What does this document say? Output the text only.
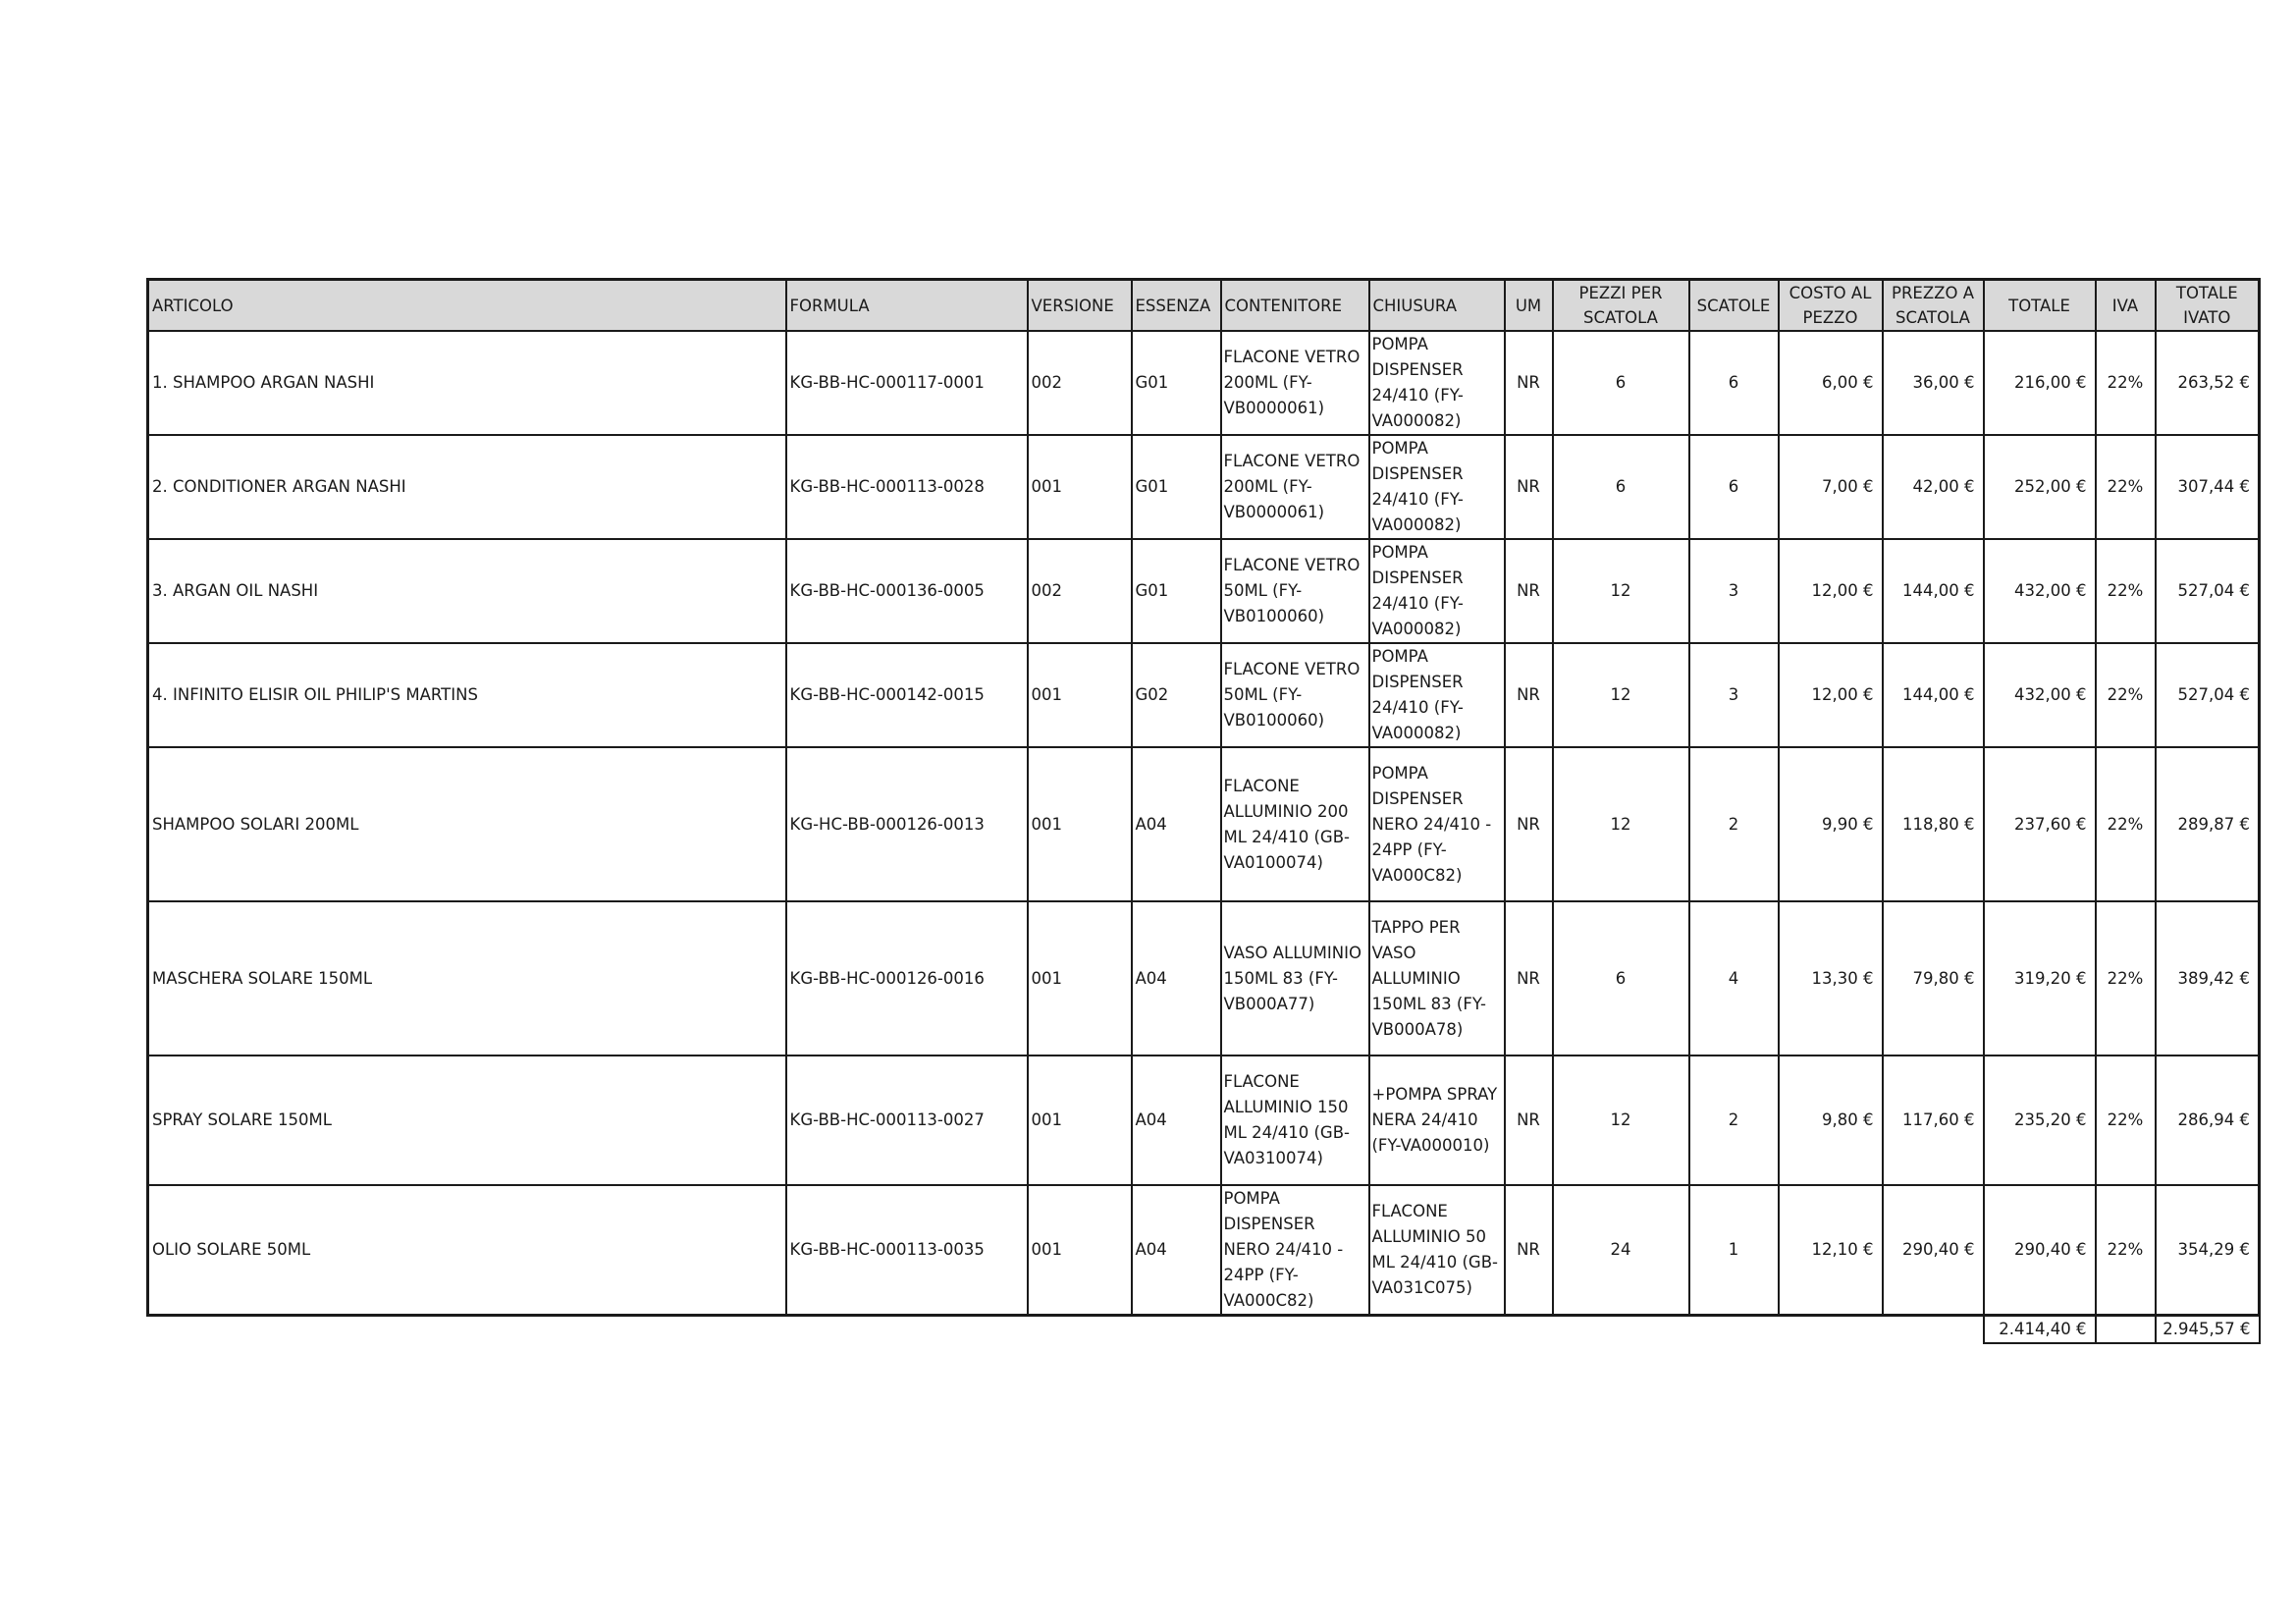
ARTICOLO	FORMULA	VERSIONE	ESSENZA	CONTENITORE	CHIUSURA	UM	PEZZI PER SCATOLA	SCATOLE	COSTO AL PEZZO	PREZZO A SCATOLA	TOTALE	IVA	TOTALE IVATO
1. SHAMPOO ARGAN NASHI	KG-BB-HC-000117-0001	002	G01	FLACONE VETRO 200ML (FY-VB0000061)	POMPA DISPENSER 24/410 (FY-VA000082)	NR	6	6	6,00 €	36,00 €	216,00 €	22%	263,52 €
2. CONDITIONER ARGAN NASHI	KG-BB-HC-000113-0028	001	G01	FLACONE VETRO 200ML (FY-VB0000061)	POMPA DISPENSER 24/410 (FY-VA000082)	NR	6	6	7,00 €	42,00 €	252,00 €	22%	307,44 €
3. ARGAN OIL NASHI	KG-BB-HC-000136-0005	002	G01	FLACONE VETRO 50ML (FY-VB0100060)	POMPA DISPENSER 24/410 (FY-VA000082)	NR	12	3	12,00 €	144,00 €	432,00 €	22%	527,04 €
4. INFINITO ELISIR OIL PHILIP'S MARTINS	KG-BB-HC-000142-0015	001	G02	FLACONE VETRO 50ML (FY-VB0100060)	POMPA DISPENSER 24/410 (FY-VA000082)	NR	12	3	12,00 €	144,00 €	432,00 €	22%	527,04 €
SHAMPOO SOLARI 200ML	KG-HC-BB-000126-0013	001	A04	FLACONE ALLUMINIO 200 ML 24/410 (GB-VA0100074)	POMPA DISPENSER NERO 24/410 - 24PP (FY-VA000C82)	NR	12	2	9,90 €	118,80 €	237,60 €	22%	289,87 €
MASCHERA SOLARE 150ML	KG-BB-HC-000126-0016	001	A04	VASO ALLUMINIO 150ML 83 (FY-VB000A77)	TAPPO PER VASO ALLUMINIO 150ML 83 (FY-VB000A78)	NR	6	4	13,30 €	79,80 €	319,20 €	22%	389,42 €
SPRAY SOLARE 150ML	KG-BB-HC-000113-0027	001	A04	FLACONE ALLUMINIO 150 ML 24/410 (GB-VA0310074)	+POMPA SPRAY NERA 24/410 (FY-VA000010)	NR	12	2	9,80 €	117,60 €	235,20 €	22%	286,94 €
OLIO SOLARE 50ML	KG-BB-HC-000113-0035	001	A04	POMPA DISPENSER NERO 24/410 - 24PP (FY-VA000C82)	FLACONE ALLUMINIO 50 ML 24/410 (GB-VA031C075)	NR	24	1	12,10 €	290,40 €	290,40 €	22%	354,29 €
											2.414,40 €		2.945,57 €
